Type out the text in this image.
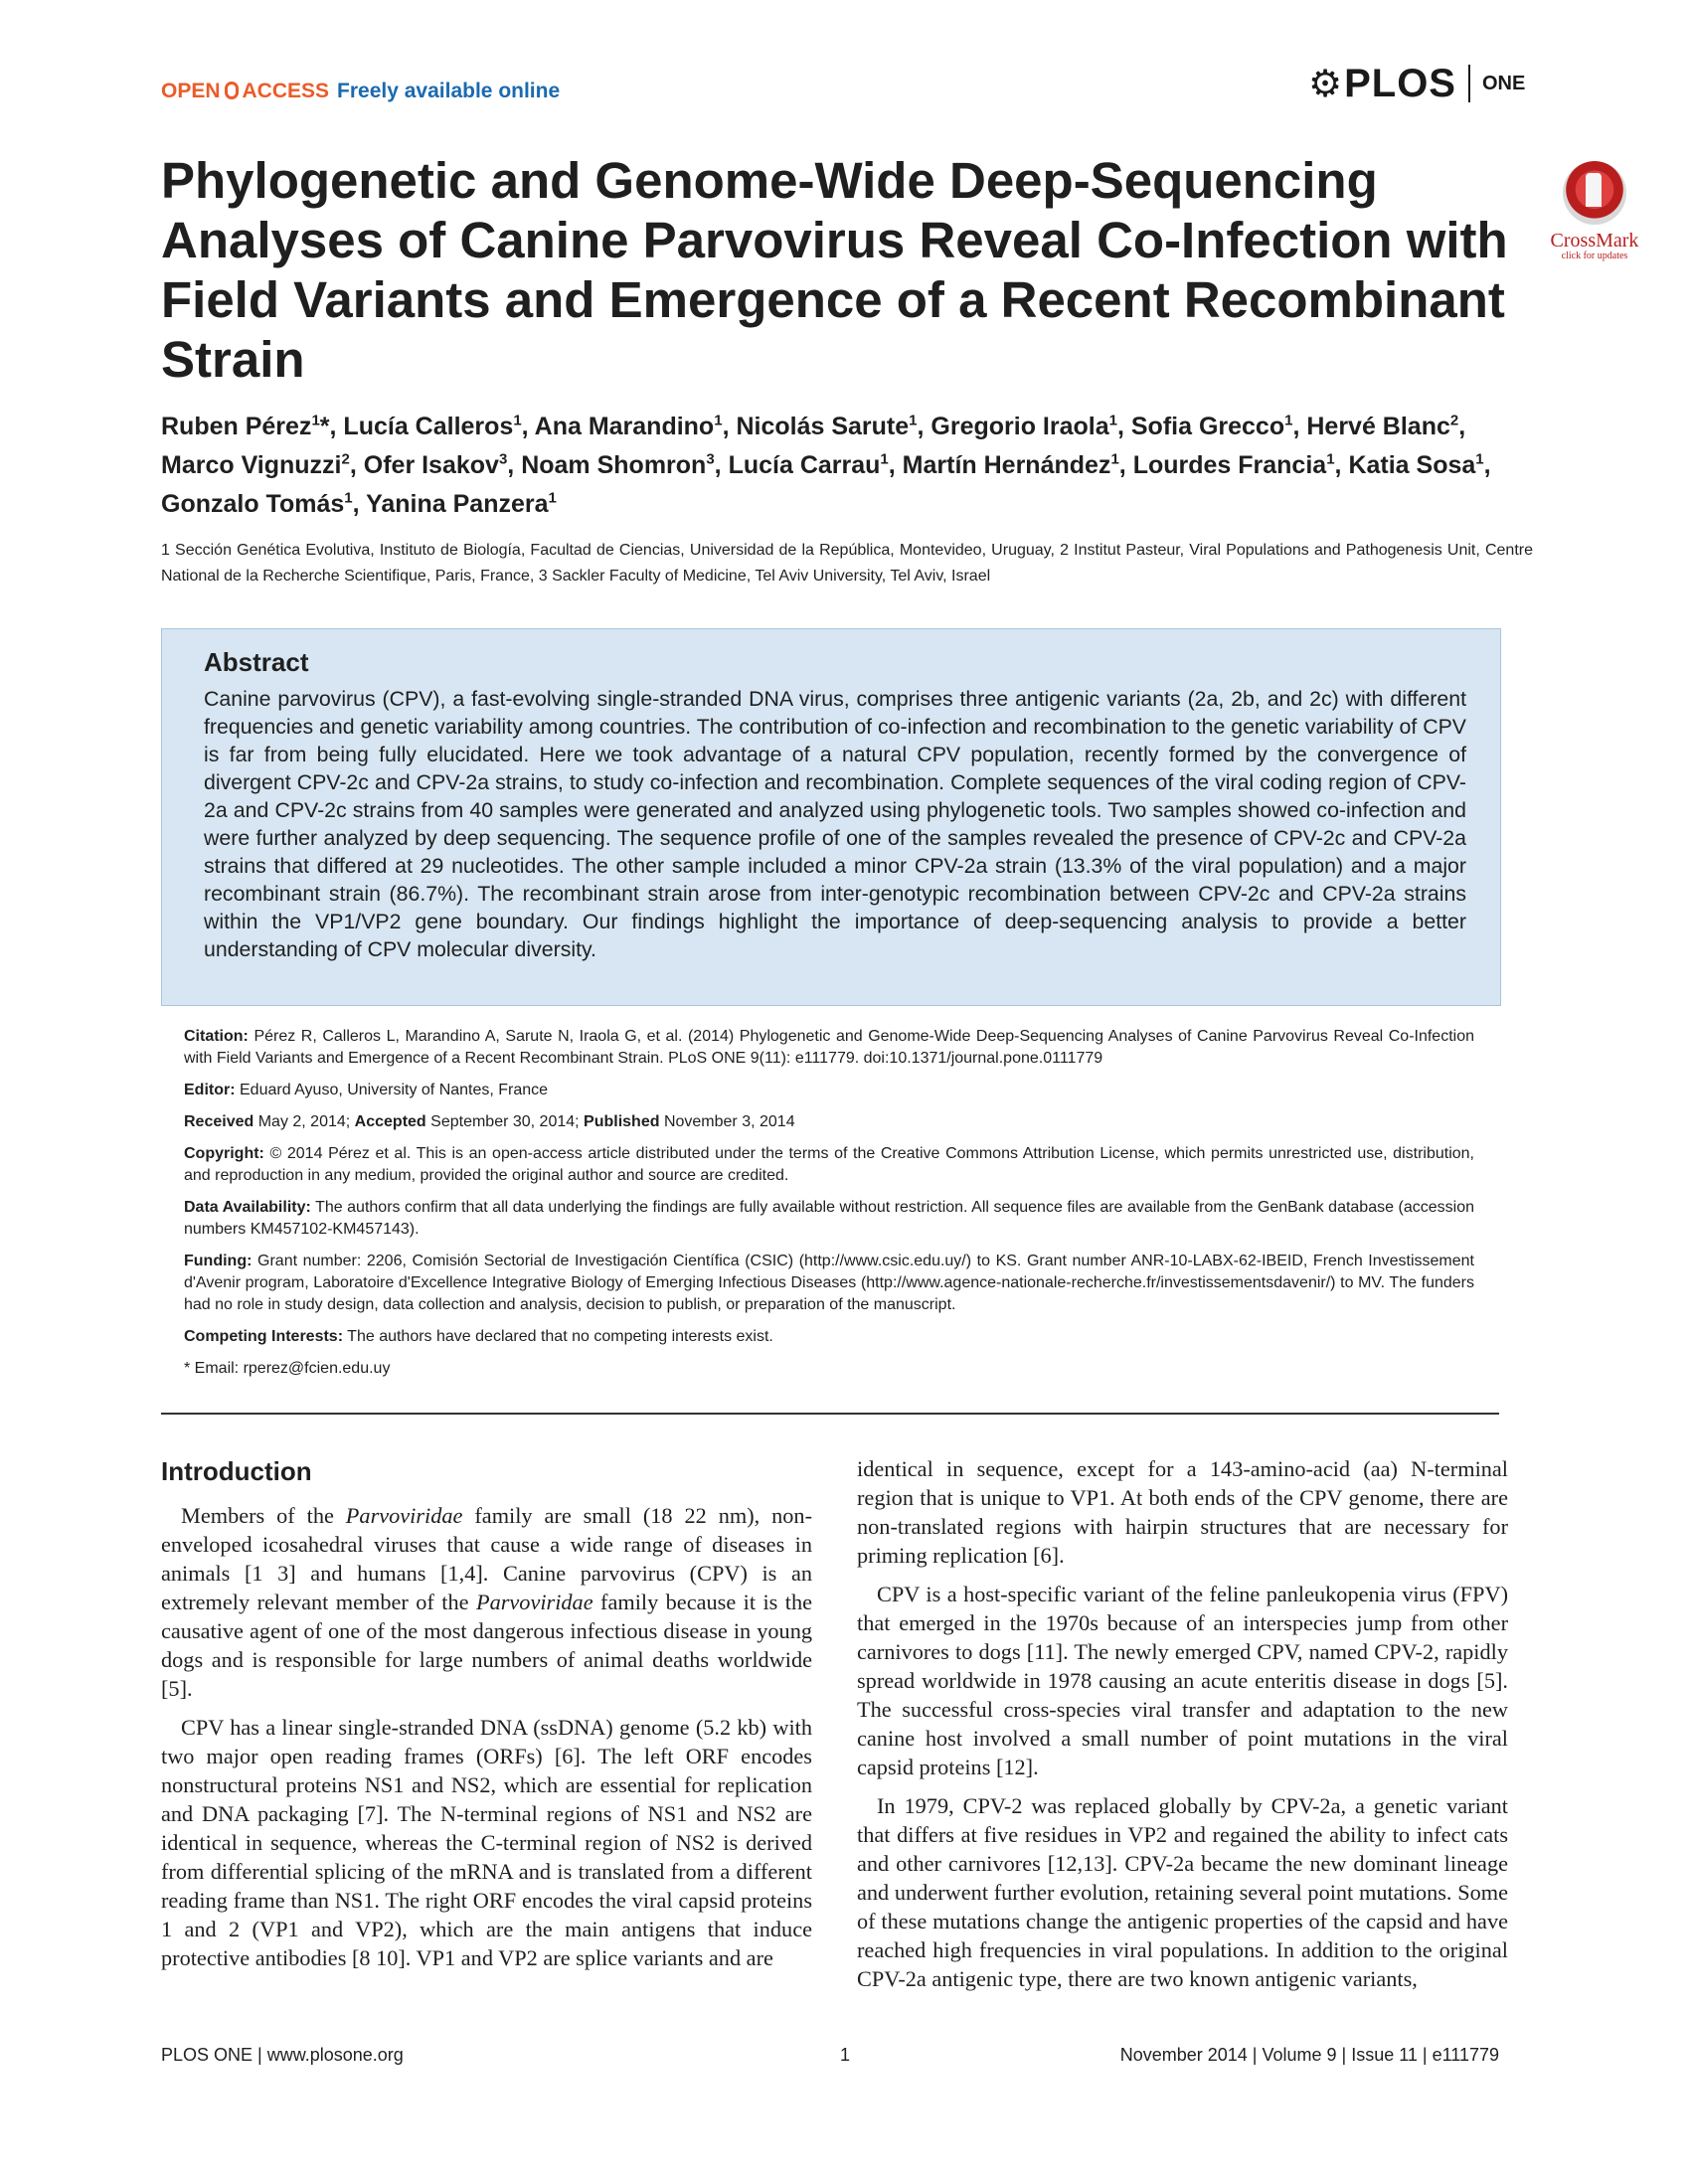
OPEN ACCESS Freely available online	⚙ PLOS ONE
Phylogenetic and Genome-Wide Deep-Sequencing Analyses of Canine Parvovirus Reveal Co-Infection with Field Variants and Emergence of a Recent Recombinant Strain
CrossMark
click for updates
Ruben Pérez$^1$*, Lucía Calleros$^1$, Ana Marandino$^1$, Nicolás Sarute$^1$, Gregorio Iraola$^1$, Sofia Grecco$^1$, Hervé Blanc$^2$, Marco Vignuzzi$^2$, Ofer Isakov$^3$, Noam Shomron$^3$, Lucía Carrau$^1$, Martín Hernández$^1$, Lourdes Francia$^1$, Katia Sosa$^1$, Gonzalo Tomás$^1$, Yanina Panzera$^1$
1 Sección Genética Evolutiva, Instituto de Biología, Facultad de Ciencias, Universidad de la República, Montevideo, Uruguay, 2 Institut Pasteur, Viral Populations and Pathogenesis Unit, Centre National de la Recherche Scientifique, Paris, France, 3 Sackler Faculty of Medicine, Tel Aviv University, Tel Aviv, Israel
Abstract

Canine parvovirus (CPV), a fast-evolving single-stranded DNA virus, comprises three antigenic variants (2a, 2b, and 2c) with different frequencies and genetic variability among countries. The contribution of co-infection and recombination to the genetic variability of CPV is far from being fully elucidated. Here we took advantage of a natural CPV population, recently formed by the convergence of divergent CPV-2c and CPV-2a strains, to study co-infection and recombination. Complete sequences of the viral coding region of CPV-2a and CPV-2c strains from 40 samples were generated and analyzed using phylogenetic tools. Two samples showed co-infection and were further analyzed by deep sequencing. The sequence profile of one of the samples revealed the presence of CPV-2c and CPV-2a strains that differed at 29 nucleotides. The other sample included a minor CPV-2a strain (13.3% of the viral population) and a major recombinant strain (86.7%). The recombinant strain arose from inter-genotypic recombination between CPV-2c and CPV-2a strains within the VP1/VP2 gene boundary. Our findings highlight the importance of deep-sequencing analysis to provide a better understanding of CPV molecular diversity.

Citation: Pérez R, Calleros L, Marandino A, Sarute N, Iraola G, et al. (2014) Phylogenetic and Genome-Wide Deep-Sequencing Analyses of Canine Parvovirus Reveal Co-Infection with Field Variants and Emergence of a Recent Recombinant Strain. PLoS ONE 9(11): e111779. doi:10.1371/journal.pone.0111779

Editor: Eduard Ayuso, University of Nantes, France

Received May 2, 2014; Accepted September 30, 2014; Published November 3, 2014

Copyright: © 2014 Pérez et al. This is an open-access article distributed under the terms of the Creative Commons Attribution License, which permits unrestricted use, distribution, and reproduction in any medium, provided the original author and source are credited.

Data Availability: The authors confirm that all data underlying the findings are fully available without restriction. All sequence files are available from the GenBank database (accession numbers KM457102-KM457143).

Funding: Grant number: 2206, Comisión Sectorial de Investigación Científica (CSIC) (http://www.csic.edu.uy/) to KS. Grant number ANR-10-LABX-62-IBEID, French Investissement d'Avenir program, Laboratoire d'Excellence Integrative Biology of Emerging Infectious Diseases (http://www.agence-nationale-recherche.fr/investissementsdavenir/) to MV. The funders had no role in study design, data collection and analysis, decision to publish, or preparation of the manuscript.

Competing Interests: The authors have declared that no competing interests exist.

* Email: rperez@fcien.edu.uy

Introduction

Members of the Parvoviridae family are small (18 22 nm), non-enveloped icosahedral viruses that cause a wide range of diseases in animals [1 3] and humans [1,4]. Canine parvovirus (CPV) is an extremely relevant member of the Parvoviridae family because it is the causative agent of one of the most dangerous infectious disease in young dogs and is responsible for large numbers of animal deaths worldwide [5].

CPV has a linear single-stranded DNA (ssDNA) genome (5.2 kb) with two major open reading frames (ORFs) [6]. The left ORF encodes nonstructural proteins NS1 and NS2, which are essential for replication and DNA packaging [7]. The N-terminal regions of NS1 and NS2 are identical in sequence, whereas the C-terminal region of NS2 is derived from differential splicing of the mRNA and is translated from a different reading frame than NS1. The right ORF encodes the viral capsid proteins 1 and 2 (VP1 and VP2), which are the main antigens that induce protective antibodies [8 10]. VP1 and VP2 are splice variants and are

identical in sequence, except for a 143-amino-acid (aa) N-terminal region that is unique to VP1. At both ends of the CPV genome, there are non-translated regions with hairpin structures that are necessary for priming replication [6].

CPV is a host-specific variant of the feline panleukopenia virus (FPV) that emerged in the 1970s because of an interspecies jump from other carnivores to dogs [11]. The newly emerged CPV, named CPV-2, rapidly spread worldwide in 1978 causing an acute enteritis disease in dogs [5]. The successful cross-species viral transfer and adaptation to the new canine host involved a small number of point mutations in the viral capsid proteins [12].

In 1979, CPV-2 was replaced globally by CPV-2a, a genetic variant that differs at five residues in VP2 and regained the ability to infect cats and other carnivores [12,13]. CPV-2a became the new dominant lineage and underwent further evolution, retaining several point mutations. Some of these mutations change the antigenic properties of the capsid and have reached high frequencies in viral populations. In addition to the original CPV-2a antigenic type, there are two known antigenic variants,

PLOS ONE | www.plosone.org	1	November 2014 | Volume 9 | Issue 11 | e111779
